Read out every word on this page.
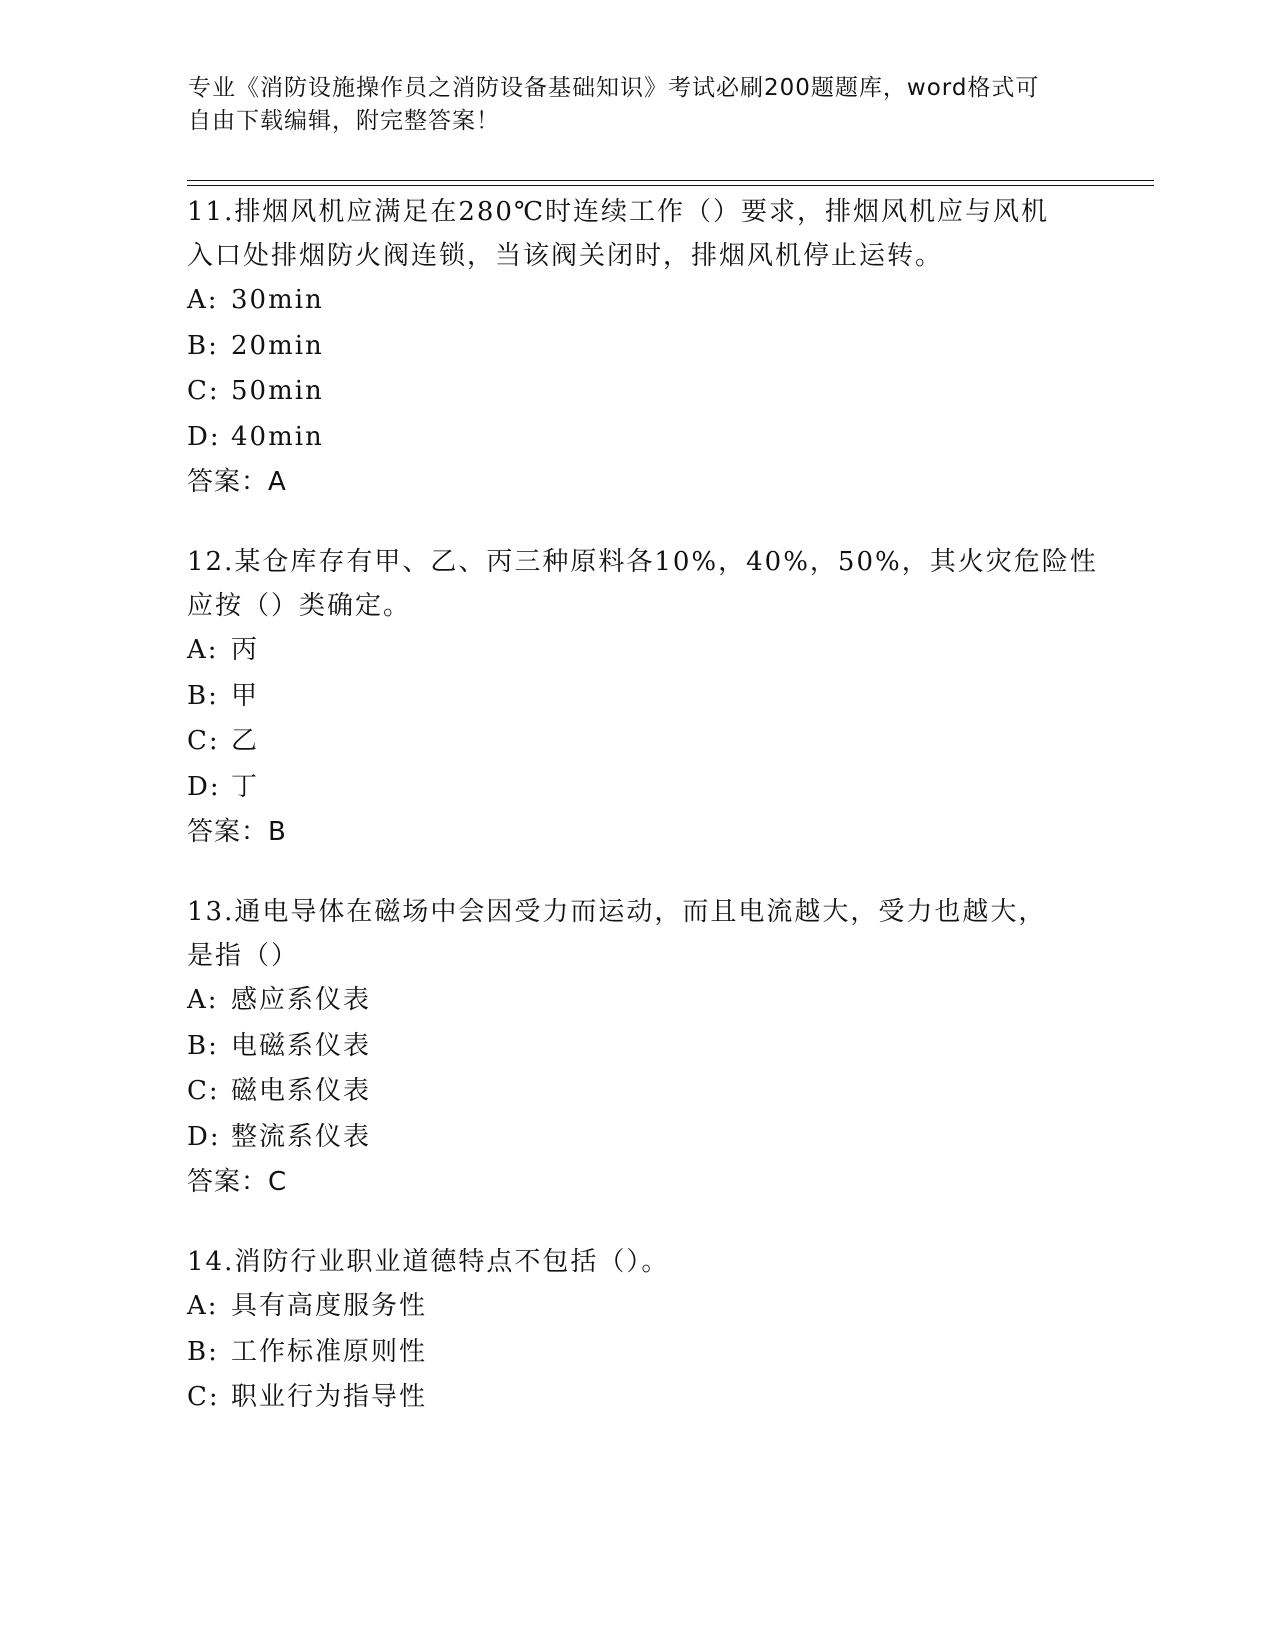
专业《消防设施操作员之消防设备基础知识》考试必刷200题题库，word格式可
自由下载编辑，附完整答案！
11.排烟风机应满足在280℃时连续工作（）要求，排烟风机应与风机
入口处排烟防火阀连锁，当该阀关闭时，排烟风机停止运转。
A: 30min
B: 20min
C: 50min
D: 40min
答案：A
12.某仓库存有甲、乙、丙三种原料各10%，40%，50%，其火灾危险性
应按（）类确定。
A: 丙
B: 甲
C: 乙
D: 丁
答案：B
13.通电导体在磁场中会因受力而运动，而且电流越大，受力也越大，
是指（）
A: 感应系仪表
B: 电磁系仪表
C: 磁电系仪表
D: 整流系仪表
答案：C
14.消防行业职业道德特点不包括（）。
A: 具有高度服务性
B: 工作标准原则性
C: 职业行为指导性
